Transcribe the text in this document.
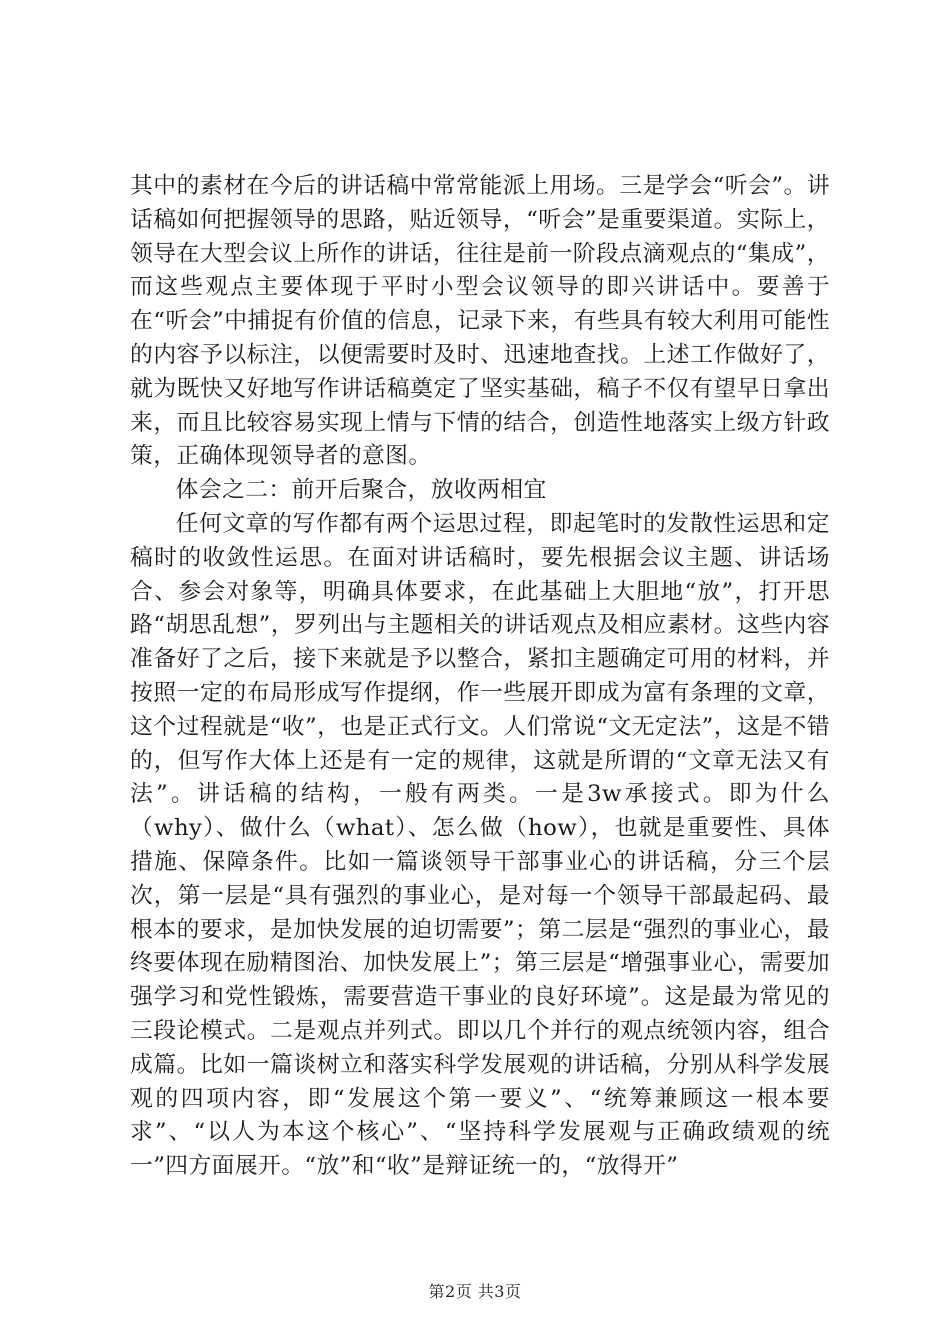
其中的素材在今后的讲话稿中常常能派上用场。三是学会“听会”。讲话稿如何把握领导的思路，贴近领导，“听会”是重要渠道。实际上，领导在大型会议上所作的讲话，往往是前一阶段点滴观点的“集成”，而这些观点主要体现于平时小型会议领导的即兴讲话中。要善于在“听会”中捕捉有价值的信息，记录下来，有些具有较大利用可能性的内容予以标注，以便需要时及时、迅速地查找。上述工作做好了，就为既快又好地写作讲话稿奠定了坚实基础，稿子不仅有望早日拿出来，而且比较容易实现上情与下情的结合，创造性地落实上级方针政策，正确体现领导者的意图。

体会之二：前开后聚合，放收两相宜

任何文章的写作都有两个运思过程，即起笔时的发散性运思和定稿时的收敛性运思。在面对讲话稿时，要先根据会议主题、讲话场合、参会对象等，明确具体要求，在此基础上大胆地“放”，打开思路“胡思乱想”，罗列出与主题相关的讲话观点及相应素材。这些内容准备好了之后，接下来就是予以整合，紧扣主题确定可用的材料，并按照一定的布局形成写作提纲，作一些展开即成为富有条理的文章，这个过程就是“收”，也是正式行文。人们常说“文无定法”，这是不错的，但写作大体上还是有一定的规律，这就是所谓的“文章无法又有法”。讲话稿的结构，一般有两类。一是3w承接式。即为什么（why）、做什么（what）、怎么做（how），也就是重要性、具体措施、保障条件。比如一篇谈领导干部事业心的讲话稿，分三个层次，第一层是“具有强烈的事业心，是对每一个领导干部最起码、最根本的要求，是加快发展的迫切需要”；第二层是“强烈的事业心，最终要体现在励精图治、加快发展上”；第三层是“增强事业心，需要加强学习和党性锻炼，需要营造干事业的良好环境”。这是最为常见的三段论模式。二是观点并列式。即以几个并行的观点统领内容，组合成篇。比如一篇谈树立和落实科学发展观的讲话稿，分别从科学发展观的四项内容，即“发展这个第一要义”、“统筹兼顾这一根本要求”、“以人为本这个核心”、“坚持科学发展观与正确政绩观的统一”四方面展开。“放”和“收”是辩证统一的，“放得开”

第2页 共3页
